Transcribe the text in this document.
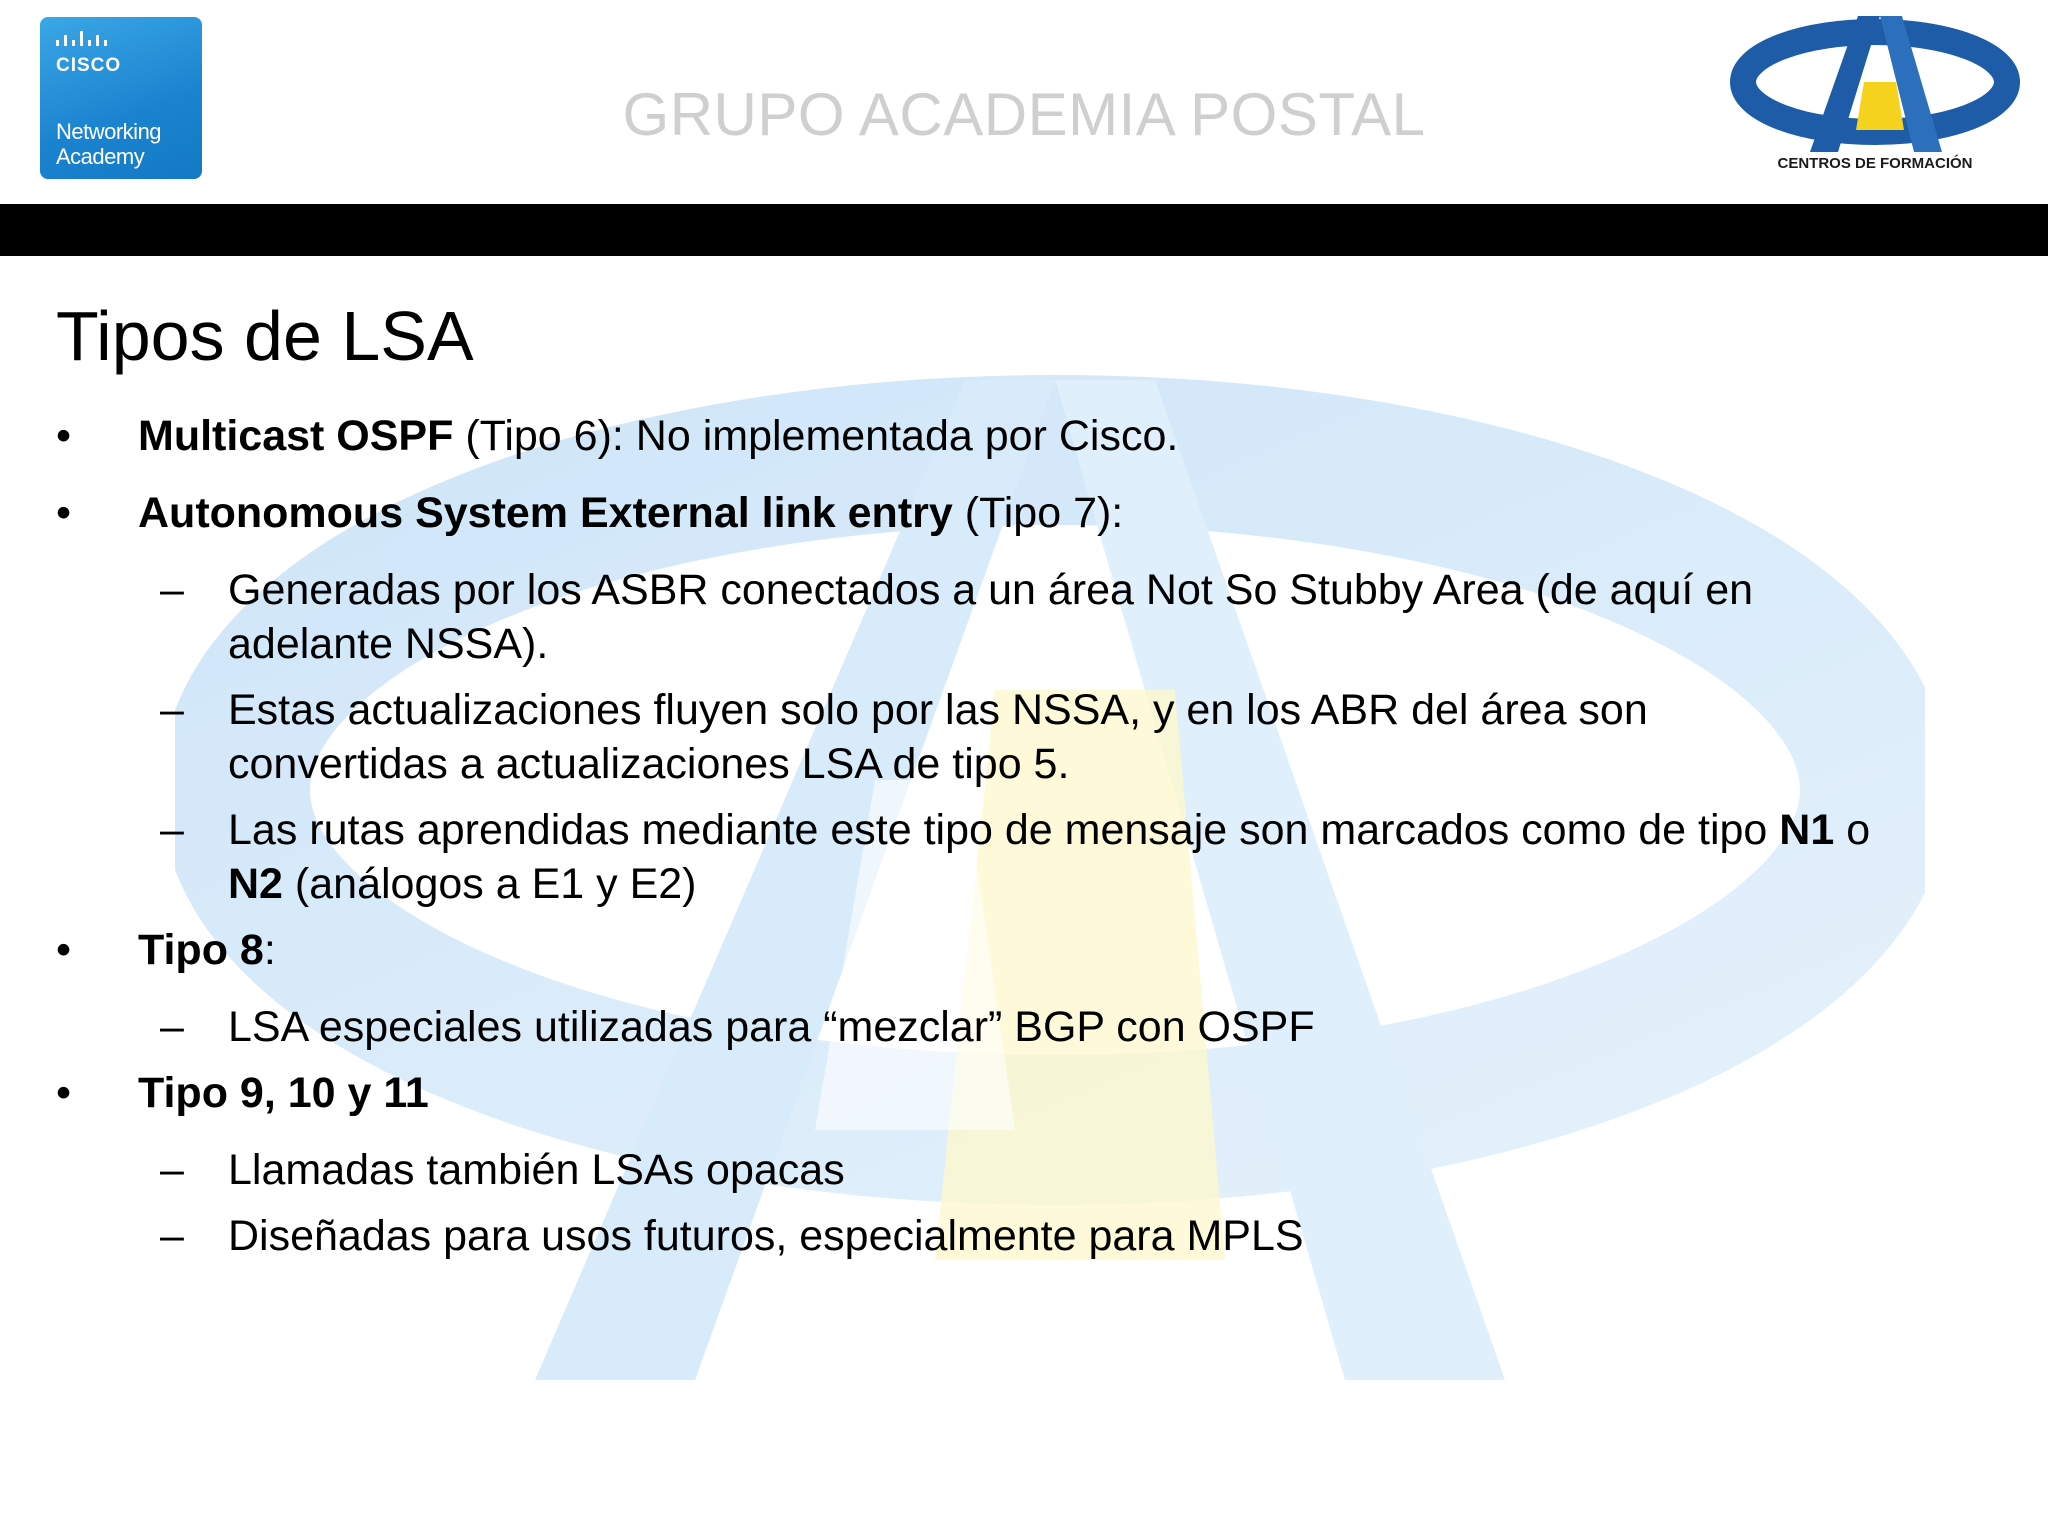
CISCO
Networking
Academy
GRUPO ACADEMIA POSTAL
CENTROS DE FORMACIÓN
Tipos de LSA
•	Multicast OSPF (Tipo 6): No implementada por Cisco.
•	Autonomous System External link entry (Tipo 7):
– Generadas por los ASBR conectados a un área Not So Stubby Area (de aquí en
adelante NSSA).
– Estas actualizaciones fluyen solo por las NSSA, y en los ABR del área son
convertidas a actualizaciones LSA de tipo 5.
– Las rutas aprendidas mediante este tipo de mensaje son marcados como de tipo N1 o
N2 (análogos a E1 y E2)
•	Tipo 8:
– LSA especiales utilizadas para “mezclar” BGP con OSPF
•	Tipo 9, 10 y 11
– Llamadas también LSAs opacas
– Diseñadas para usos futuros, especialmente para MPLS
